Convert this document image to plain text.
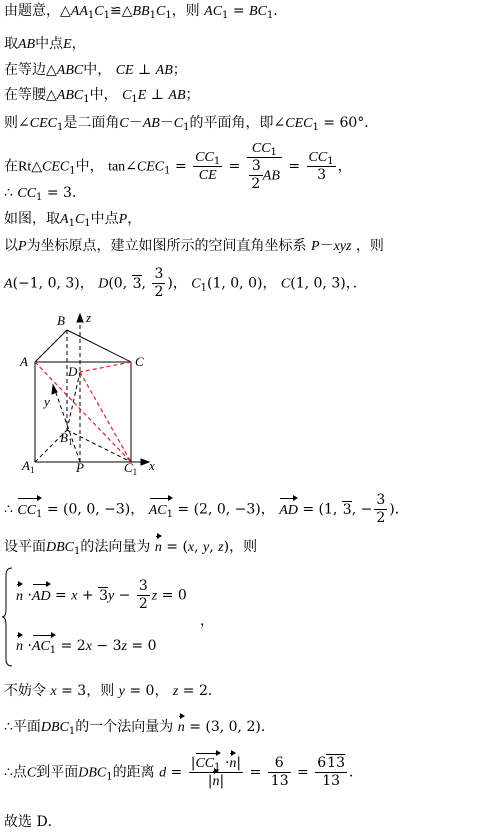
由题意，$\triangle AA_1C_1≌\triangle BB_1C_1$，则 $AC_1 = BC_1$．
取AB中点E，
在等边△ABC中， CE ⊥ AB；
在等腰$\triangle ABC_1$中， $C_1E$ ⊥ AB；
则$\angle CEC_1$是二面角$C-AB-C_1$的平面角，即$\angle CEC_1 = 60^\circ$．
在$Rt\triangle CEC_1$中， $\tan\angle CEC_1 = \frac{CC_1}{CE} = \frac{CC_1}{\frac{3}{2} AB} = \frac{CC_1}{3}$ ，
∴ $CC_1 = 3$．
如图，取$A_1C_1$中点P，
以P为坐标原点，建立如图所示的空间直角坐标系 P－xyz ，则
A(−1, 0, 3)， D(0, 3, $\frac{3}{2}$ )， $C_1(1$, 0, 0)， C(1, 0, 3)，．
B z
A	C
D
y
$B_1$
$A_1$	P	$C_1$ x
∴ $CC_1 = (0$, 0, −3)， $AC_1 = (2$, 0, −3)， AD = (1, 3, − $\frac{3}{2}$ )．
设平面$DBC_1$的法向量为 n = (x, y, z)，则
$n \cdot AD = x + 3y - \frac{3}{2}$ z = 0
，
$n \cdot AC_1 = 2x - 3z = 0$
不妨令 x = 3，则 y = 0， z = 2．
∴平面$DBC_1$的一个法向量为 n = (3, 0, 2)．
∴点C到平面$DBC_1$的距离 $d = \frac{|CC_1 \cdot n|}{|n|} = \frac{6}{13} = \frac{613}{13}$ ．
故选 D．
